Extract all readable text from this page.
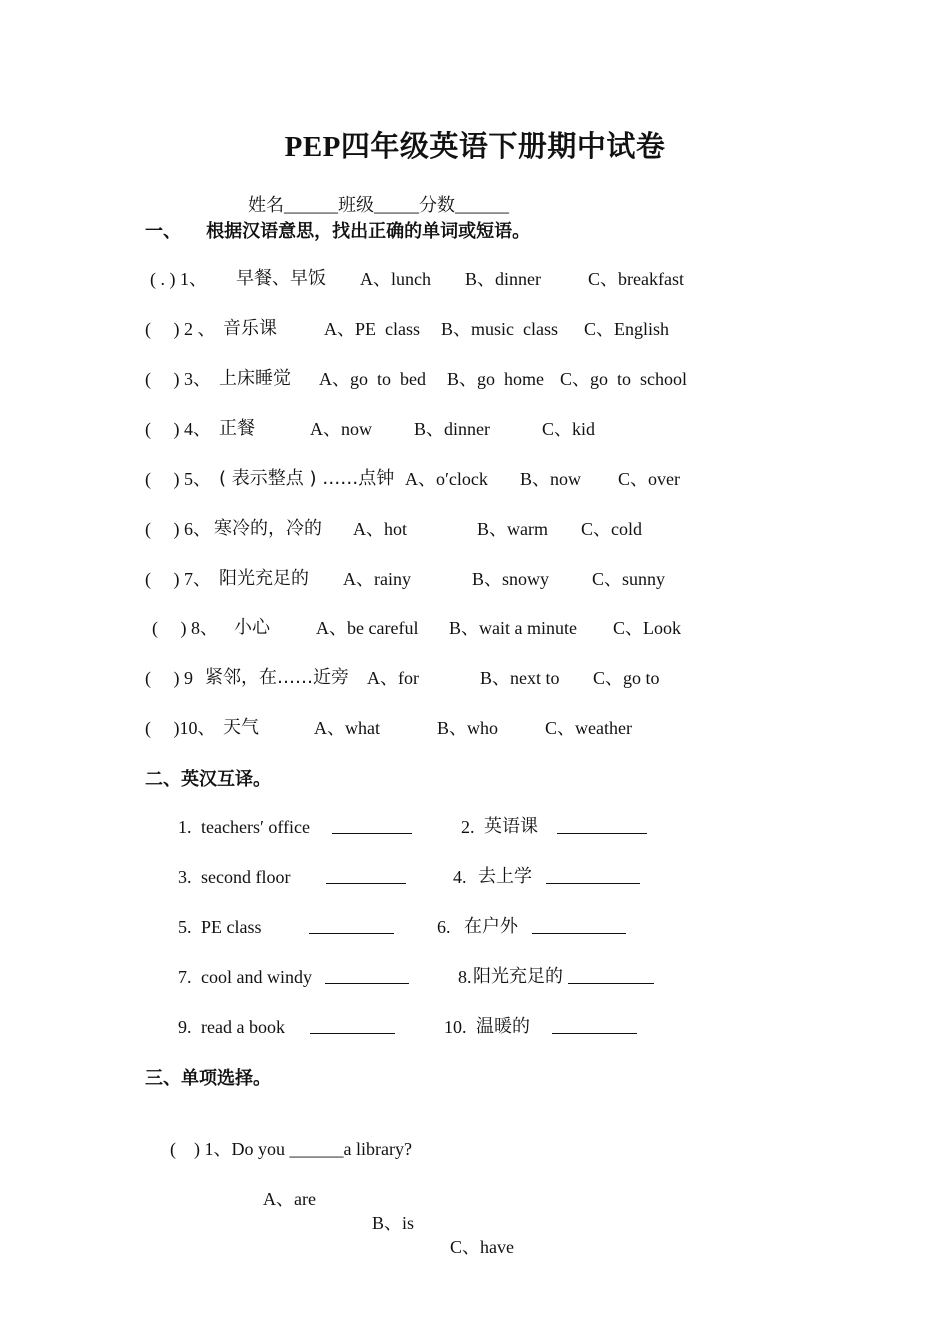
PEP四年级英语下册期中试卷

姓名______班级_____分数______

一、    根据汉语意思，找出正确的单词或短语。
( . ) 1、 早餐、早饭 A、lunch B、dinner	C、breakfast
(     ) 2 、 音乐课	A、PE  class B、music  class C、English
(     ) 3、 上床睡觉 A、go  to  bed B、go  home C、go  to  school
(     ) 4、 正餐	A、now B、dinner	C、kid
(     ) 5、 ( 表示整点 ) ……点钟 A、o′clock B、now C、over
(     ) 6、 寒冷的，冷的 A、hot	B、warm C、cold
(     ) 7、 阳光充足的 A、rainy	B、snowy C、sunny
(     ) 8、 小心	A、be careful B、wait a minute C、Look
(     ) 9 紧邻，在……近旁 A、for	B、next to C、go to
(     )10、 天气	A、what	B、who	C、weather
二、英汉互译。
1. teachers′ office	2. 英语课
3. second floor	4. 去上学
5. PE class	6. 在户外
7. cool and windy	8. 阳光充足的
9. read a book	10. 温暖的
三、单项选择。

(    ) 1、Do you ______a library?

A、are

B、is

C、have
